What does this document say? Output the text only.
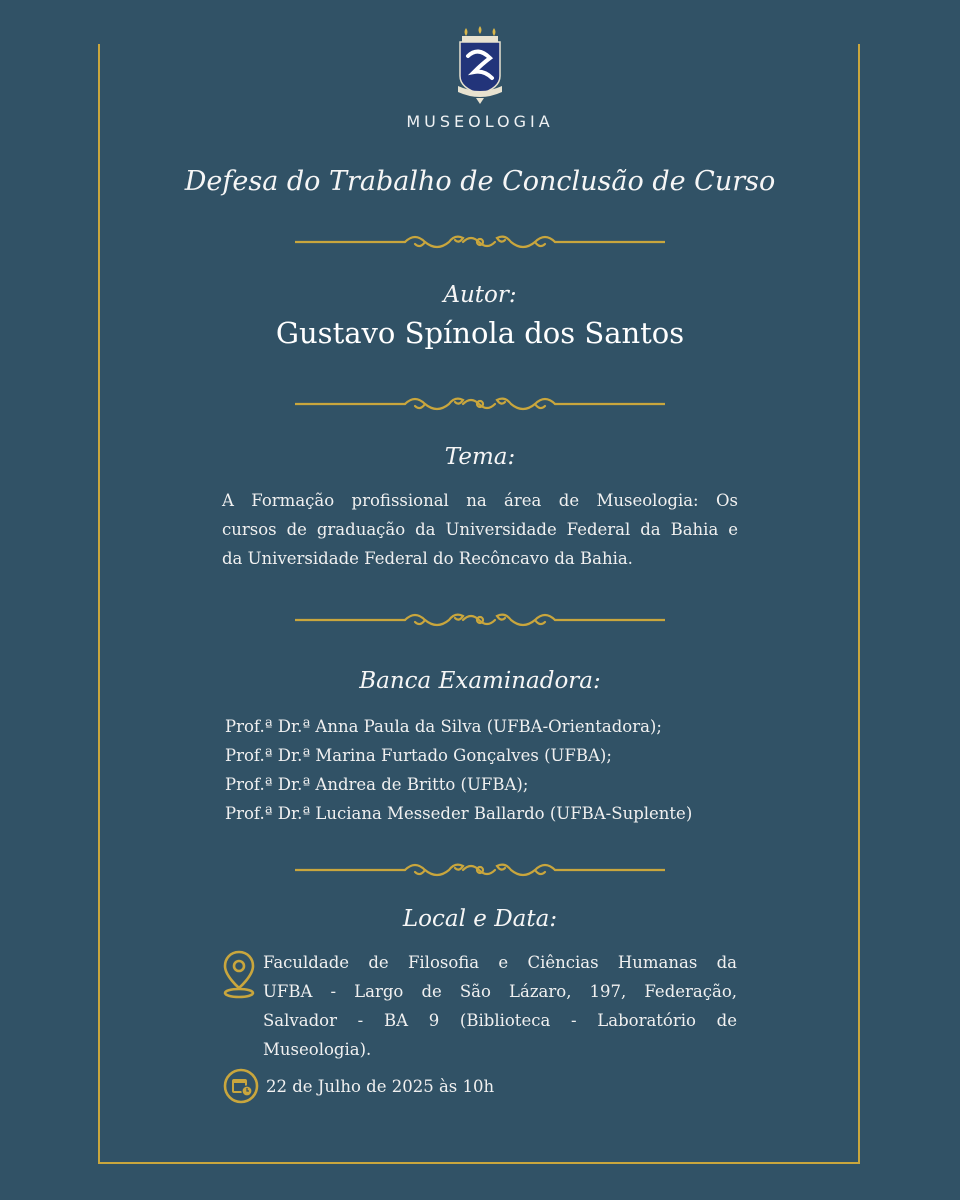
MUSEOLOGIA
Defesa do Trabalho de Conclusão de Curso
Autor:
Gustavo Spínola dos Santos
Tema:
A Formação profissional na área de Museologia: Os
cursos de graduação da Universidade Federal da Bahia e
da Universidade Federal do Recôncavo da Bahia.
Banca Examinadora:
Prof.ª Dr.ª Anna Paula da Silva (UFBA-Orientadora);
Prof.ª Dr.ª Marina Furtado Gonçalves (UFBA);
Prof.ª Dr.ª Andrea de Britto (UFBA);
Prof.ª Dr.ª Luciana Messeder Ballardo (UFBA-Suplente)
Local e Data:
Faculdade de Filosofia e Ciências Humanas da
UFBA - Largo de São Lázaro, 197, Federação,
Salvador - BA 9 (Biblioteca - Laboratório de
Museologia).
22 de Julho de 2025 às 10h
